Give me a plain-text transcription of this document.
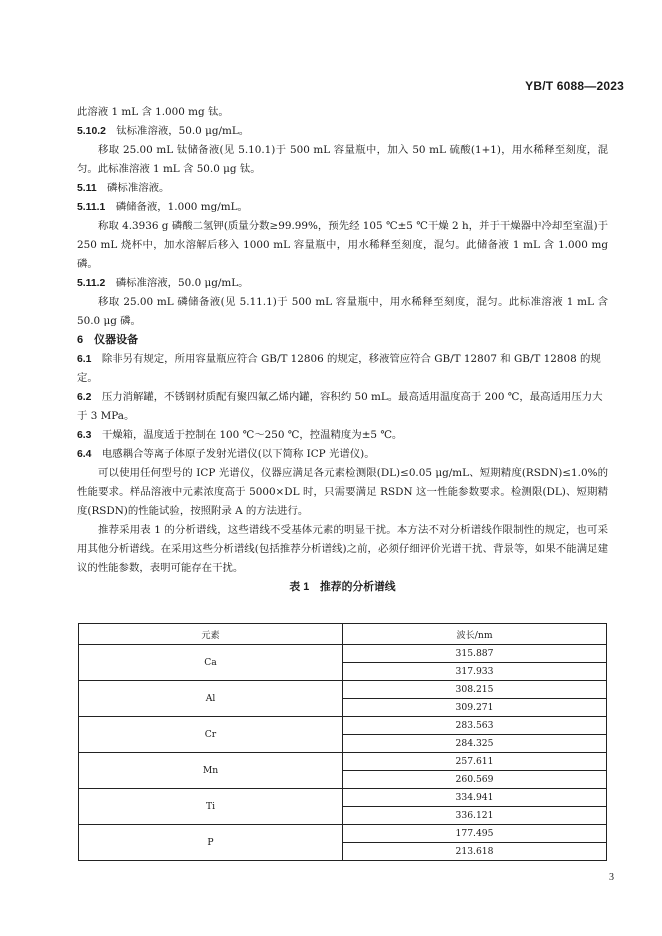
YB/T 6088—2023

此溶液 1 mL 含 1.000 mg 钛。

5.10.2　 钛标准溶液，50.0 μg/mL。

移取 25.00 mL 钛储备液(见 5.10.1)于 500 mL 容量瓶中，加入 50 mL 硫酸(1+1)，用水稀释至刻度，混匀。此标准溶液 1 mL 含 50.0 μg 钛。

5.11　 磷标准溶液。

5.11.1　 磷储备液，1.000 mg/mL。

称取 4.3936 g 磷酸二氢钾(质量分数≥99.99%，预先经 105 ℃±5 ℃干燥 2 h，并于干燥器中冷却至室温)于 250 mL 烧杯中，加水溶解后移入 1000 mL 容量瓶中，用水稀释至刻度，混匀。此储备液 1 mL 含 1.000 mg 磷。

5.11.2　 磷标准溶液，50.0 μg/mL。

移取 25.00 mL 磷储备液(见 5.11.1)于 500 mL 容量瓶中，用水稀释至刻度，混匀。此标准溶液 1 mL 含 50.0 μg 磷。

6　 仪器设备

6.1　 除非另有规定，所用容量瓶应符合 GB/T 12806 的规定，移液管应符合 GB/T 12807 和 GB/T 12808 的规定。

6.2　 压力消解罐，不锈钢材质配有聚四氟乙烯内罐，容积约 50 mL。最高适用温度高于 200 ℃，最高适用压力大于 3 MPa。

6.3　 干燥箱，温度适于控制在 100 ℃～250 ℃，控温精度为±5 ℃。

6.4　 电感耦合等离子体原子发射光谱仪(以下简称 ICP 光谱仪)。

可以使用任何型号的 ICP 光谱仪，仪器应满足各元素检测限(DL)≤0.05 μg/mL、短期精度(RSDN)≤1.0%的性能要求。样品溶液中元素浓度高于 5000×DL 时，只需要满足 RSDN 这一性能参数要求。检测限(DL)、短期精度(RSDN)的性能试验，按照附录 A 的方法进行。

推荐采用表 1 的分析谱线，这些谱线不受基体元素的明显干扰。本方法不对分析谱线作限制性的规定，也可采用其他分析谱线。在采用这些分析谱线(包括推荐分析谱线)之前，必须仔细评价光谱干扰、背景等，如果不能满足建议的性能参数，表明可能存在干扰。

表 1　推荐的分析谱线

元素	波长/nm
Ca	315.887
	317.933
Al	308.215
	309.271
Cr	283.563
	284.325
Mn	257.611
	260.569
Ti	334.941
	336.121
P	177.495
	213.618
3
